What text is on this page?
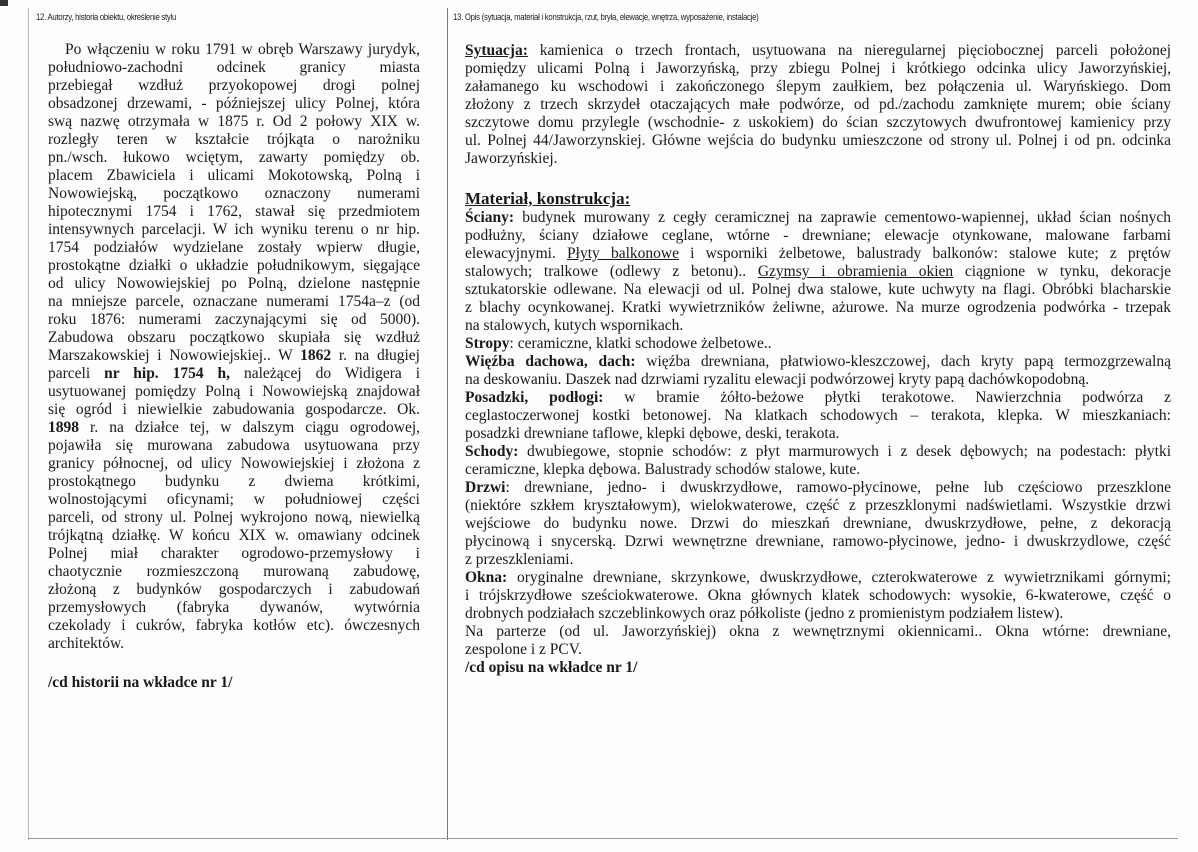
12. Autorzy, historia obiektu, określenie stylu	13. Opis (sytuacja, materiał i konstrukcja, rzut, bryła, elewacje, wnętrza, wyposażenie, instalacje)
Po włączeniu w roku 1791 w obręb Warszawy jurydyk,
południowo-zachodni odcinek granicy miasta
przebiegał wzdłuż przyokopowej drogi polnej
obsadzonej drzewami, - późniejszej ulicy Polnej, która
swą nazwę otrzymała w 1875 r. Od 2 połowy XIX w.
rozległy teren w kształcie trójkąta o narożniku
pn./wsch. łukowo wciętym, zawarty pomiędzy ob.
placem Zbawiciela i ulicami Mokotowską, Polną i
Nowowiejską, początkowo oznaczony numerami
hipotecznymi 1754 i 1762, stawał się przedmiotem
intensywnych parcelacji. W ich wyniku terenu o nr hip.
1754 podziałów wydzielane zostały wpierw długie,
prostokątne działki o układzie południkowym, sięgające
od ulicy Nowowiejskiej po Polną, dzielone następnie
na mniejsze parcele, oznaczane numerami 1754a–z (od
roku 1876: numerami zaczynającymi się od 5000).
Zabudowa obszaru początkowo skupiała się wzdłuż
Marszakowskiej i Nowowiejskiej.. W 1862 r. na długiej
parceli nr hip. 1754 h, należącej do Widigera i
usytuowanej pomiędzy Polną i Nowowiejską znajdował
się ogród i niewielkie zabudowania gospodarcze. Ok.
1898 r. na działce tej, w dalszym ciągu ogrodowej,
pojawiła się murowana zabudowa usytuowana przy
granicy północnej, od ulicy Nowowiejskiej i złożona z
prostokątnego budynku z dwiema krótkimi,
wolnostojącymi oficynami; w południowej części
parceli, od strony ul. Polnej wykrojono nową, niewielką
trójkątną działkę. W końcu XIX w. omawiany odcinek
Polnej miał charakter ogrodowo-przemysłowy i
chaotycznie rozmieszczoną murowaną zabudowę,
złożoną z budynków gospodarczych i zabudowań
przemysłowych (fabryka dywanów, wytwórnia
czekolady i cukrów, fabryka kotłów etc). ówczesnych
architektów.
/cd historii na wkładce nr 1/
Sytuacja: kamienica o trzech frontach, usytuowana na nieregularnej pięciobocznej parceli położonej
pomiędzy ulicami Polną i Jaworzyńską, przy zbiegu Polnej i krótkiego odcinka ulicy Jaworzyńskiej,
załamanego ku wschodowi i zakończonego ślepym zaułkiem, bez połączenia ul. Waryńskiego. Dom
złożony z trzech skrzydeł otaczających małe podwórze, od pd./zachodu zamknięte murem; obie ściany
szczytowe domu przylegle (wschodnie- z uskokiem) do ścian szczytowych dwufrontowej kamienicy przy
ul. Polnej 44/Jaworzynskiej. Główne wejścia do budynku umieszczone od strony ul. Polnej i od pn. odcinka
Jaworzyńskiej.
Materiał, konstrukcja:
Ściany: budynek murowany z cegły ceramicznej na zaprawie cementowo-wapiennej, układ ścian nośnych
podłużny, ściany działowe ceglane, wtórne - drewniane; elewacje otynkowane, malowane farbami
elewacyjnymi. Płyty balkonowe i wsporniki żelbetowe, balustrady balkonów: stalowe kute; z prętów
stalowych; tralkowe (odlewy z betonu).. Gzymsy i obramienia okien ciągnione w tynku, dekoracje
sztukatorskie odlewane. Na elewacji od ul. Polnej dwa stalowe, kute uchwyty na flagi. Obróbki blacharskie
z blachy ocynkowanej. Kratki wywietrzników żeliwne, ażurowe. Na murze ogrodzenia podwórka - trzepak
na stalowych, kutych wspornikach.
Stropy: ceramiczne, klatki schodowe żelbetowe..
Więźba dachowa, dach: więźba drewniana, płatwiowo-kleszczowej, dach kryty papą termozgrzewalną
na deskowaniu. Daszek nad dzrwiami ryzalitu elewacji podwórzowej kryty papą dachówkopodobną.
Posadzki, podłogi: w bramie żółto-beżowe płytki terakotowe. Nawierzchnia podwórza z
ceglastoczerwonej kostki betonowej. Na klatkach schodowych – terakota, klepka. W mieszkaniach:
posadzki drewniane taflowe, klepki dębowe, deski, terakota.
Schody: dwubiegowe, stopnie schodów: z płyt marmurowych i z desek dębowych; na podestach: płytki
ceramiczne, klepka dębowa. Balustrady schodów stalowe, kute.
Drzwi: drewniane, jedno- i dwuskrzydłowe, ramowo-płycinowe, pełne lub częściowo przeszklone
(niektóre szkłem kryształowym), wielokwaterowe, część z przeszklonymi nadświetlami. Wszystkie drzwi
wejściowe do budynku nowe. Drzwi do mieszkań drewniane, dwuskrzydłowe, pełne, z dekoracją
płycinową i snycerską. Dzrwi wewnętrzne drewniane, ramowo-płycinowe, jedno- i dwuskrzydlowe, część
z przeszkleniami.
Okna: oryginalne drewniane, skrzynkowe, dwuskrzydłowe, czterokwaterowe z wywietrznikami górnymi;
i trójskrzydłowe sześciokwaterowe. Okna głównych klatek schodowych: wysokie, 6-kwaterowe, część o
drobnych podziałach szczeblinkowych oraz półkoliste (jedno z promienistym podziałem listew).
Na parterze (od ul. Jaworzyńskiej) okna z wewnętrznymi okiennicami.. Okna wtórne: drewniane,
zespolone i z PCV.
/cd opisu na wkładce nr 1/
